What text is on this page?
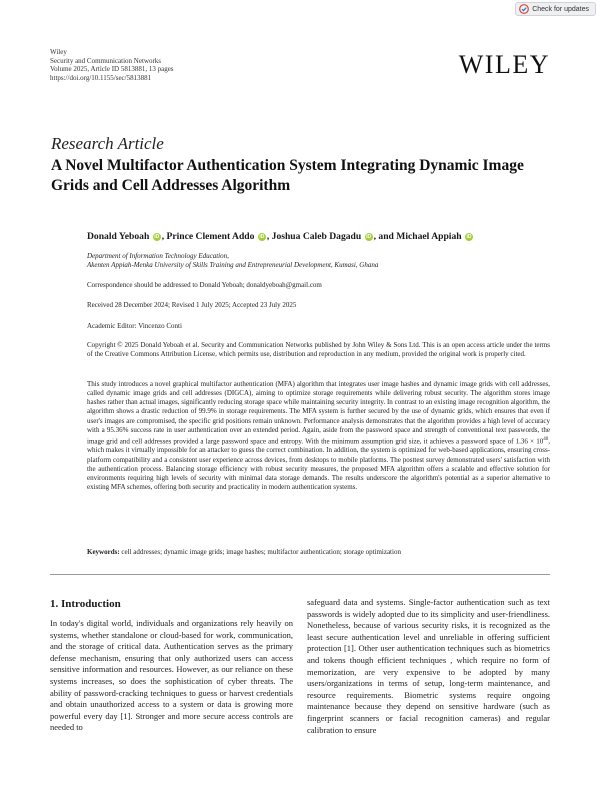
Check for updates
Wiley
Security and Communication Networks
Volume 2025, Article ID 5813881, 13 pages
https://doi.org/10.1155/sec/5813881	WILEY
Research Article
A Novel Multifactor Authentication System Integrating Dynamic Image Grids and Cell Addresses Algorithm
Donald Yeboah iD , Prince Clement Addo iD , Joshua Caleb Dagadu iD , and Michael Appiah iD
Department of Information Technology Education,
Akenten Appiah-Menka University of Skills Training and Entrepreneurial Development, Kumasi, Ghana
Correspondence should be addressed to Donald Yeboah; donaldyeboah@gmail.com
Received 28 December 2024; Revised 1 July 2025; Accepted 23 July 2025
Academic Editor: Vincenzo Conti
Copyright © 2025 Donald Yeboah et al. Security and Communication Networks published by John Wiley & Sons Ltd. This is an open access article under the terms of the Creative Commons Attribution License, which permits use, distribution and reproduction in any medium, provided the original work is properly cited.
This study introduces a novel graphical multifactor authentication (MFA) algorithm that integrates user image hashes and dynamic image grids with cell addresses, called dynamic image grids and cell addresses (DIGCA), aiming to optimize storage requirements while delivering robust security. The algorithm stores image hashes rather than actual images, significantly reducing storage space while maintaining security integrity. In contrast to an existing image recognition algorithm, the algorithm shows a drastic reduction of 99.9% in storage requirements. The MFA system is further secured by the use of dynamic grids, which ensures that even if user's images are compromised, the specific grid positions remain unknown. Performance analysis demonstrates that the algorithm provides a high level of accuracy with a 95.36% success rate in user authentication over an extended period. Again, aside from the password space and strength of conventional text passwords, the image grid and cell addresses provided a large password space and entropy. With the minimum assumption grid size, it achieves a password space of $1.36 \times 10^{40}$, which makes it virtually impossible for an attacker to guess the correct combination. In addition, the system is optimized for web-based applications, ensuring cross-platform compatibility and a consistent user experience across devices, from desktops to mobile platforms. The posttest survey demonstrated users' satisfaction with the authentication process. Balancing storage efficiency with robust security measures, the proposed MFA algorithm offers a scalable and effective solution for environments requiring high levels of security with minimal data storage demands. The results underscore the algorithm's potential as a superior alternative to existing MFA schemes, offering both security and practicality in modern authentication systems.
Keywords: cell addresses; dynamic image grids; image hashes; multifactor authentication; storage optimization
1. Introduction
In today's digital world, individuals and organizations rely heavily on systems, whether standalone or cloud-based for work, communication, and the storage of critical data. Authentication serves as the primary defense mechanism, ensuring that only authorized users can access sensitive information and resources. However, as our reliance on these systems increases, so does the sophistication of cyber threats. The ability of password-cracking techniques to guess or harvest credentials and obtain unauthorized access to a system or data is growing more powerful every day [1]. Stronger and more secure access controls are needed to
safeguard data and systems. Single-factor authentication such as text passwords is widely adopted due to its simplicity and user-friendliness. Nonetheless, because of various security risks, it is recognized as the least secure authentication level and unreliable in offering sufficient protection [1]. Other user authentication techniques such as biometrics and tokens though efficient techniques , which require no form of memorization, are very expensive to be adopted by many users/organizations in terms of setup, long-term maintenance, and resource requirements. Biometric systems require ongoing maintenance because they depend on sensitive hardware (such as fingerprint scanners or facial recognition cameras) and regular calibration to ensure
